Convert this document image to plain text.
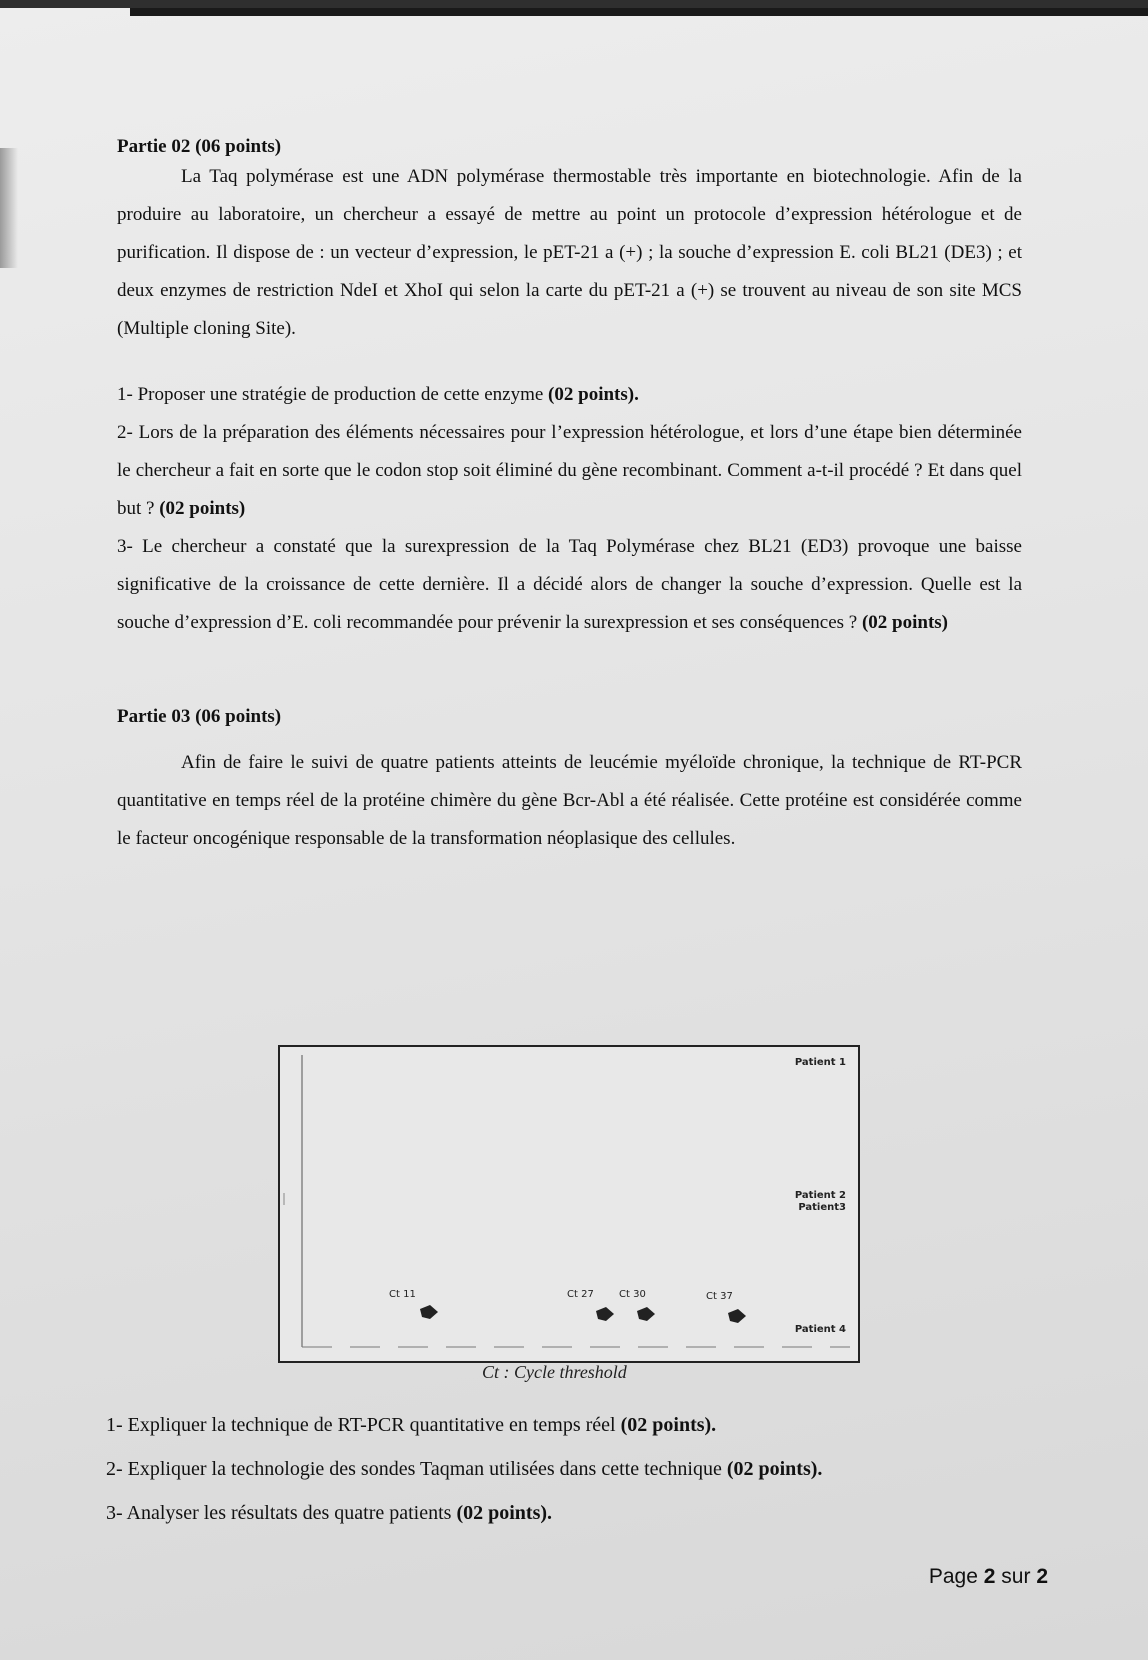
Partie 02 (06 points)

La Taq polymérase est une ADN polymérase thermostable très importante en biotechnologie. Afin de la produire au laboratoire, un chercheur a essayé de mettre au point un protocole d’expression hétérologue et de purification. Il dispose de : un vecteur d’expression, le pET-21 a (+) ; la souche d’expression E. coli BL21 (DE3) ; et deux enzymes de restriction NdeI et XhoI qui selon la carte du pET-21 a (+) se trouvent au niveau de son site MCS (Multiple cloning Site).

1- Proposer une stratégie de production de cette enzyme (02 points).

2- Lors de la préparation des éléments nécessaires pour l’expression hétérologue, et lors d’une étape bien déterminée le chercheur a fait en sorte que le codon stop soit éliminé du gène recombinant. Comment a-t-il procédé ? Et dans quel but ? (02 points)

3- Le chercheur a constaté que la surexpression de la Taq Polymérase chez BL21 (ED3) provoque une baisse significative de la croissance de cette dernière. Il a décidé alors de changer la souche d’expression. Quelle est la souche d’expression d’E. coli recommandée pour prévenir la surexpression et ses conséquences ? (02 points)

Partie 03 (06 points)

Afin de faire le suivi de quatre patients atteints de leucémie myéloïde chronique, la technique de RT-PCR quantitative en temps réel de la protéine chimère du gène Bcr-Abl a été réalisée. Cette protéine est considérée comme le facteur oncogénique responsable de la transformation néoplasique des cellules.

Patient 1
Patient 2
Patient3
Patient 4
Ct 11	Ct 27	Ct 30	Ct 37
Ct : Cycle threshold

1- Expliquer la technique de RT-PCR quantitative en temps réel (02 points).

2- Expliquer la technologie des sondes Taqman utilisées dans cette technique (02 points).

3- Analyser les résultats des quatre patients (02 points).

Page 2 sur 2
